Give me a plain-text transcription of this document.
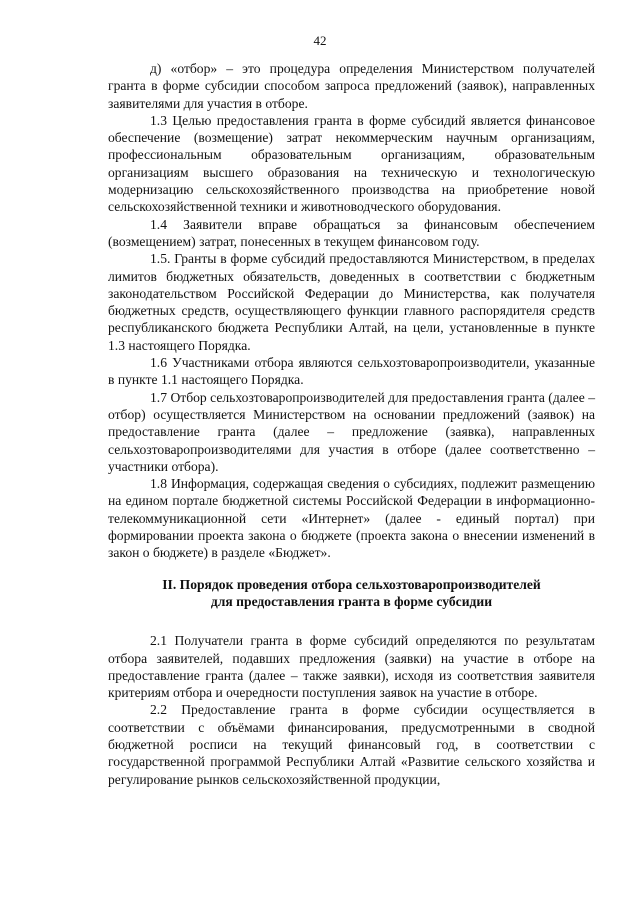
42

д) «отбор» – это процедура определения Министерством получателей гранта в форме субсидии способом запроса предложений (заявок), направленных заявителями для участия в отборе.

1.3 Целью предоставления гранта в форме субсидий является финансовое обеспечение (возмещение) затрат некоммерческим научным организациям, профессиональным образовательным организациям, образовательным организациям высшего образования на техническую и технологическую модернизацию сельскохозяйственного производства на приобретение новой сельскохозяйственной техники и животноводческого оборудования.

1.4 Заявители вправе обращаться за финансовым обеспечением (возмещением) затрат, понесенных в текущем финансовом году.

1.5. Гранты в форме субсидий предоставляются Министерством, в пределах лимитов бюджетных обязательств, доведенных в соответствии с бюджетным законодательством Российской Федерации до Министерства, как получателя бюджетных средств, осуществляющего функции главного распорядителя средств республиканского бюджета Республики Алтай, на цели, установленные в пункте 1.3 настоящего Порядка.

1.6 Участниками отбора являются сельхозтоваропроизводители, указанные в пункте 1.1 настоящего Порядка.

1.7 Отбор сельхозтоваропроизводителей для предоставления гранта (далее – отбор) осуществляется Министерством на основании предложений (заявок) на предоставление гранта (далее – предложение (заявка), направленных сельхозтоваропроизводителями для участия в отборе (далее соответственно – участники отбора).

1.8 Информация, содержащая сведения о субсидиях, подлежит размещению на едином портале бюджетной системы Российской Федерации в информационно-телекоммуникационной сети «Интернет» (далее - единый портал) при формировании проекта закона о бюджете (проекта закона о внесении изменений в закон о бюджете) в разделе «Бюджет».

II. Порядок проведения отбора сельхозтоваропроизводителей
для предоставления гранта в форме субсидии

2.1 Получатели гранта в форме субсидий определяются по результатам отбора заявителей, подавших предложения (заявки) на участие в отборе на предоставление гранта (далее – также заявки), исходя из соответствия заявителя критериям отбора и очередности поступления заявок на участие в отборе.

2.2 Предоставление гранта в форме субсидии осуществляется в соответствии с объёмами финансирования, предусмотренными в сводной бюджетной росписи на текущий финансовый год, в соответствии с государственной программой Республики Алтай «Развитие сельского хозяйства и регулирование рынков сельскохозяйственной продукции,
